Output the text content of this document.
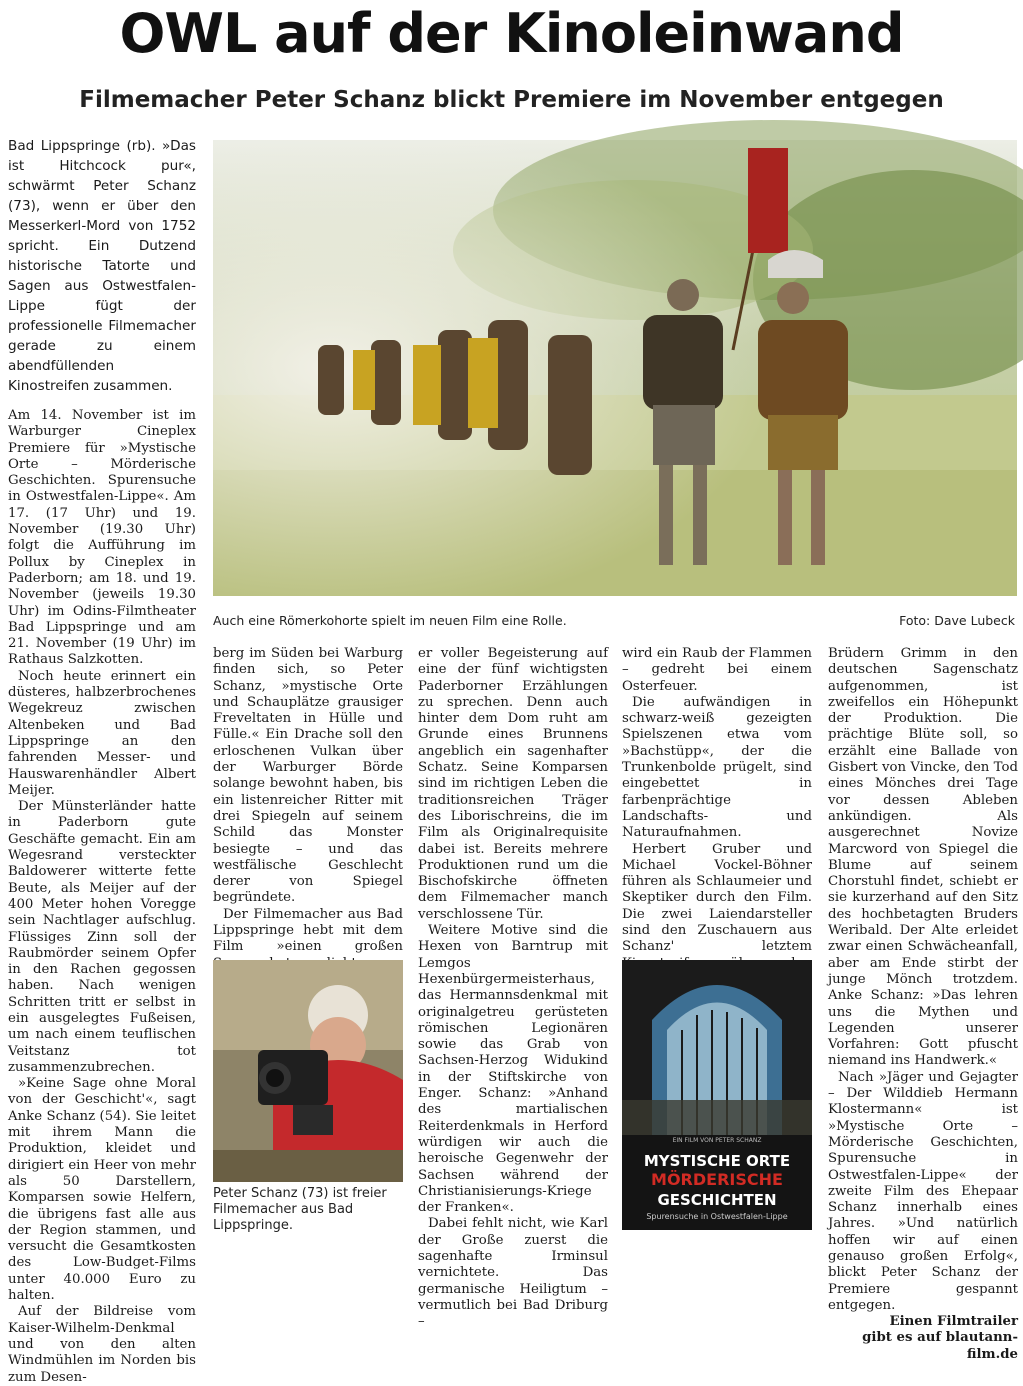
OWL auf der Kinoleinwand
Filmemacher Peter Schanz blickt Premiere im November entgegen

Bad Lippspringe (rb). »Das ist Hitchcock pur«, schwärmt Peter Schanz (73), wenn er über den Messerkerl-Mord von 1752 spricht. Ein Dutzend historische Tatorte und Sagen aus Ostwestfalen-Lippe fügt der professionelle Filmemacher gerade zu einem abendfüllenden Kinostreifen zusammen.

Auch eine Römerkohorte spielt im neuen Film eine Rolle.	Foto: Dave Lubeck

Am 14. November ist im Warburger Cineplex Premiere für »Mystische Orte – Mörderische Geschichten. Spurensuche in Ostwestfalen-Lippe«. Am 17. (17 Uhr) und 19. November (19.30 Uhr) folgt die Aufführung im Pollux by Cineplex in Paderborn; am 18. und 19. November (jeweils 19.30 Uhr) im Odins-Filmtheater Bad Lippspringe und am 21. November (19 Uhr) im Rathaus Salzkotten.

Noch heute erinnert ein düsteres, halbzerbrochenes Wegekreuz zwischen Altenbeken und Bad Lippspringe an den fahrenden Messer- und Hauswarenhändler Albert Meijer.

Der Münsterländer hatte in Paderborn gute Geschäfte gemacht. Ein am Wegesrand versteckter Baldowerer witterte fette Beute, als Meijer auf der 400 Meter hohen Voregge sein Nachtlager aufschlug. Flüssiges Zinn soll der Raubmörder seinem Opfer in den Rachen gegossen haben. Nach wenigen Schritten tritt er selbst in ein ausgelegtes Fußeisen, um nach einem teuflischen Veitstanz tot zusammenzubrechen.

»Keine Sage ohne Moral von der Geschicht'«, sagt Anke Schanz (54). Sie leitet mit ihrem Mann die Produktion, kleidet und dirigiert ein Heer von mehr als 50 Darstellern, Komparsen sowie Helfern, die übrigens fast alle aus der Region stammen, und versucht die Gesamtkosten des Low-Budget-Films unter 40.000 Euro zu halten.

Auf der Bildreise vom Kaiser-Wilhelm-Denkmal und von den alten Windmühlen im Norden bis zum Desen-

berg im Süden bei Warburg finden sich, so Peter Schanz, »mystische Orte und Schauplätze grausiger Freveltaten in Hülle und Fülle.« Ein Drache soll den erloschenen Vulkan über der Warburger Börde solange bewohnt haben, bis ein listenreicher Ritter mit drei Spiegeln auf seinem Schild das Monster besiegte – und das westfälische Geschlecht derer von Spiegel begründete.

Der Filmemacher aus Bad Lippspringe hebt mit dem Film »einen großen

Peter Schanz (73) ist freier Filmemacher aus Bad Lippspringe.

er voller Begeisterung auf eine der fünf wichtigsten Paderborner Erzählungen zu sprechen. Denn auch hinter dem Dom ruht am Grunde eines Brunnens angeblich ein sagenhafter Schatz. Seine Komparsen sind im richtigen Leben die traditionsreichen Träger des Liborischreins, die im Film als Originalrequisite dabei ist. Bereits mehrere Produktionen rund um die Bischofskirche öffneten dem Filmemacher manch verschlossene Tür.

Weitere Motive sind die Hexen von Barntrup mit Lemgos Hexenbürgermeisterhaus, das Hermannsdenkmal mit originalgetreu gerüsteten römischen Legionären sowie das Grab von Sachsen-Herzog Widukind in der Stiftskirche von Enger. Schanz: »Anhand des martialischen Reiterdenkmals in Herford würdigen wir auch die heroische Gegenwehr der Sachsen während der Christianisierungs-Kriege der Franken«.

Dabei fehlt nicht, wie Karl der Große zuerst die sagenhafte Irminsul vernichtete. Das germanische Heiligtum – vermutlich bei Bad Driburg –

wird ein Raub der Flammen – gedreht bei einem Osterfeuer.

Die aufwändigen in schwarz-weiß gezeigten Spielszenen etwa vom »Bachstüpp«, der die Trunkenbolde prügelt, sind eingebettet in farbenprächtige Landschafts- und Naturaufnahmen.

Herbert Gruber und Michael Vockel-Böhner führen als Schlaumeier und Skeptiker durch den Film. Die zwei Laiendarsteller sind den Zuschauern aus Schanz' letztem

EIN FILM VON PETER SCHANZ
MYSTISCHE ORTE
MÖRDERISCHE
GESCHICHTEN
Spurensuche in Ostwestfalen-Lippe

Brüdern Grimm in den deutschen Sagenschatz aufgenommen, ist zweifellos ein Höhepunkt der Produktion. Die prächtige Blüte soll, so erzählt eine Ballade von Gisbert von Vincke, den Tod eines Mönches drei Tage vor dessen Ableben ankündigen. Als ausgerechnet Novize Marcword von Spiegel die Blume auf seinem Chorstuhl findet, schiebt er sie kurzerhand auf den Sitz des hochbetagten Bruders Weribald. Der Alte erleidet zwar einen Schwächeanfall, aber am Ende stirbt der junge Mönch trotzdem. Anke Schanz: »Das lehren uns die Mythen und Legenden unserer Vorfahren: Gott pfuscht niemand ins Handwerk.«

Nach »Jäger und Gejagter – Der Wilddieb Hermann Klostermann« ist »Mystische Orte – Mörderische Geschichten, Spurensuche in Ostwestfalen-Lippe« der zweite Film des Ehepaar Schanz innerhalb eines Jahres. »Und natürlich hoffen wir auf einen genauso großen Erfolg«, blickt Peter Schanz der Premiere gespannt entgegen.

Einen Filmtrailer

gibt es auf blautann-film.de
